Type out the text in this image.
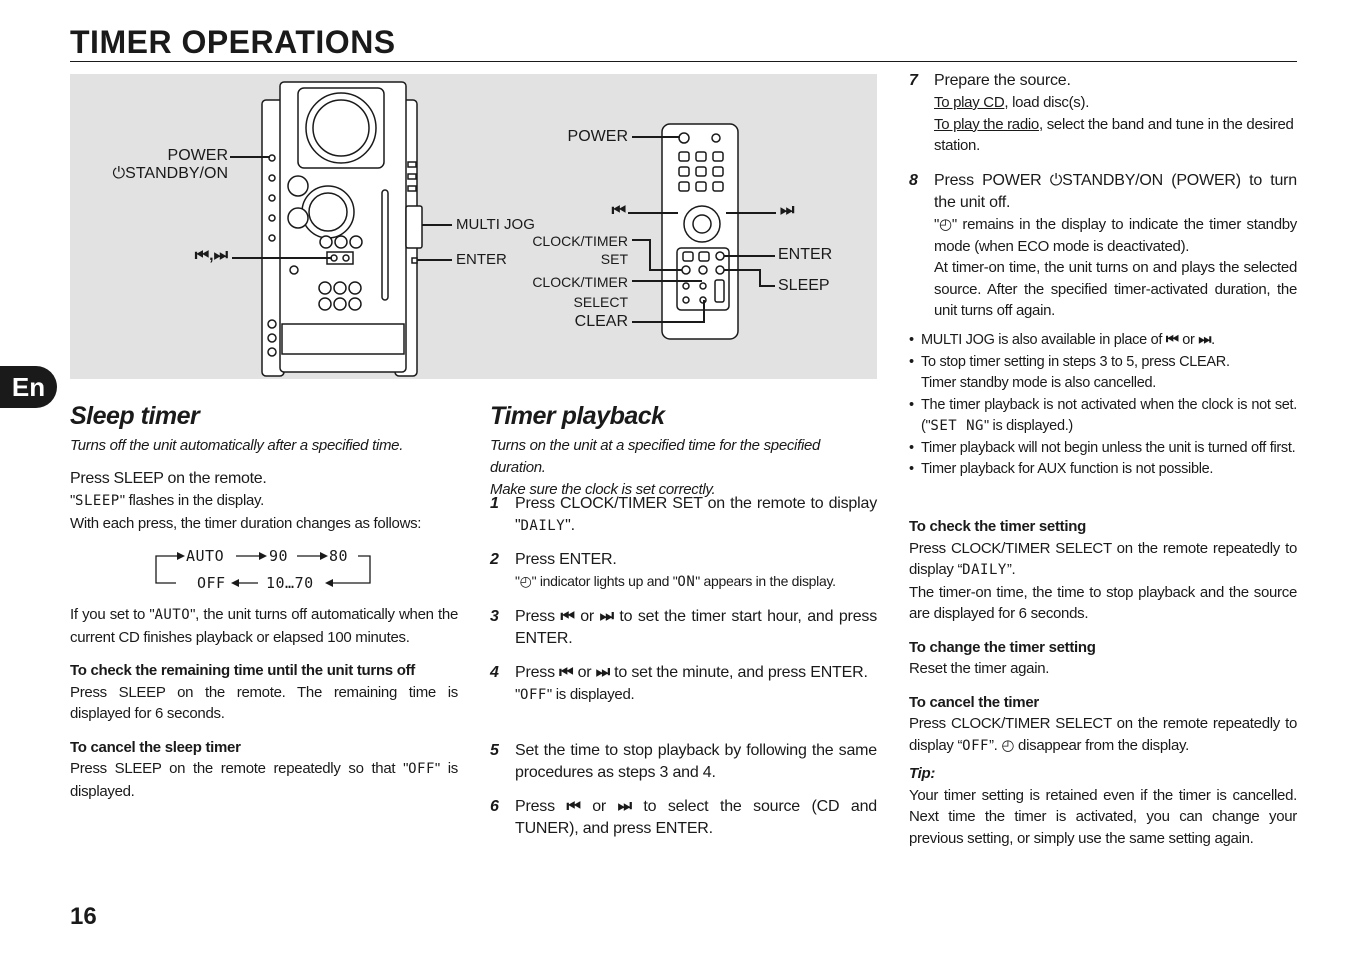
TIMER OPERATIONS
POWER
⏻STANDBY/ON
⏮,⏭
MULTI JOG
ENTER
POWER
⏮	⏭
CLOCK/TIMER
SET
CLOCK/TIMER
SELECT
CLEAR
ENTER
SLEEP
En
Sleep timer
Turns off the unit automatically after a specified time.
Press SLEEP on the remote.
"SLEEP" flashes in the display.
With each press, the timer duration changes as follows:
AUTO	90	80
OFF	10…70
If you set to "AUTO", the unit turns off automatically when the current CD finishes playback or elapsed 100 minutes.
To check the remaining time until the unit turns off
Press SLEEP on the remote. The remaining time is displayed for 6 seconds.
To cancel the sleep timer
Press SLEEP on the remote repeatedly so that "OFF" is displayed.
Timer playback
Turns on the unit at a specified time for the specified duration.
Make sure the clock is set correctly.
1	Press CLOCK/TIMER SET on the remote to display "DAILY".
2	Press ENTER.
"◴" indicator lights up and "ON" appears in the display.
3	Press ⏮ or ⏭ to set the timer start hour, and press ENTER.
4	Press ⏮ or ⏭ to set the minute, and press ENTER.
"OFF" is displayed.
5	Set the time to stop playback by following the same procedures as steps 3 and 4.
6	Press ⏮ or ⏭ to select the source (CD and TUNER), and press ENTER.
7	Prepare the source.
To play CD, load disc(s).
To play the radio, select the band and tune in the desired station.
8	Press POWER ⏻STANDBY/ON (POWER) to turn the unit off.
"◴" remains in the display to indicate the timer standby mode (when ECO mode is deactivated).
At timer-on time, the unit turns on and plays the selected source. After the specified timer-activated duration, the unit turns off again.
• MULTI JOG is also available in place of ⏮ or ⏭.
• To stop timer setting in steps 3 to 5, press CLEAR.
Timer standby mode is also cancelled.
• The timer playback is not activated when the clock is not set. ("SET NG" is displayed.)
• Timer playback will not begin unless the unit is turned off first.
• Timer playback for AUX function is not possible.
To check the timer setting
Press CLOCK/TIMER SELECT on the remote repeatedly to display “DAILY”.
The timer-on time, the time to stop playback and the source are displayed for 6 seconds.
To change the timer setting
Reset the timer again.
To cancel the timer
Press CLOCK/TIMER SELECT on the remote repeatedly to display “OFF”. ◴ disappear from the display.
Tip:
Your timer setting is retained even if the timer is cancelled. Next time the timer is activated, you can change your previous setting, or simply use the same setting again.
16
